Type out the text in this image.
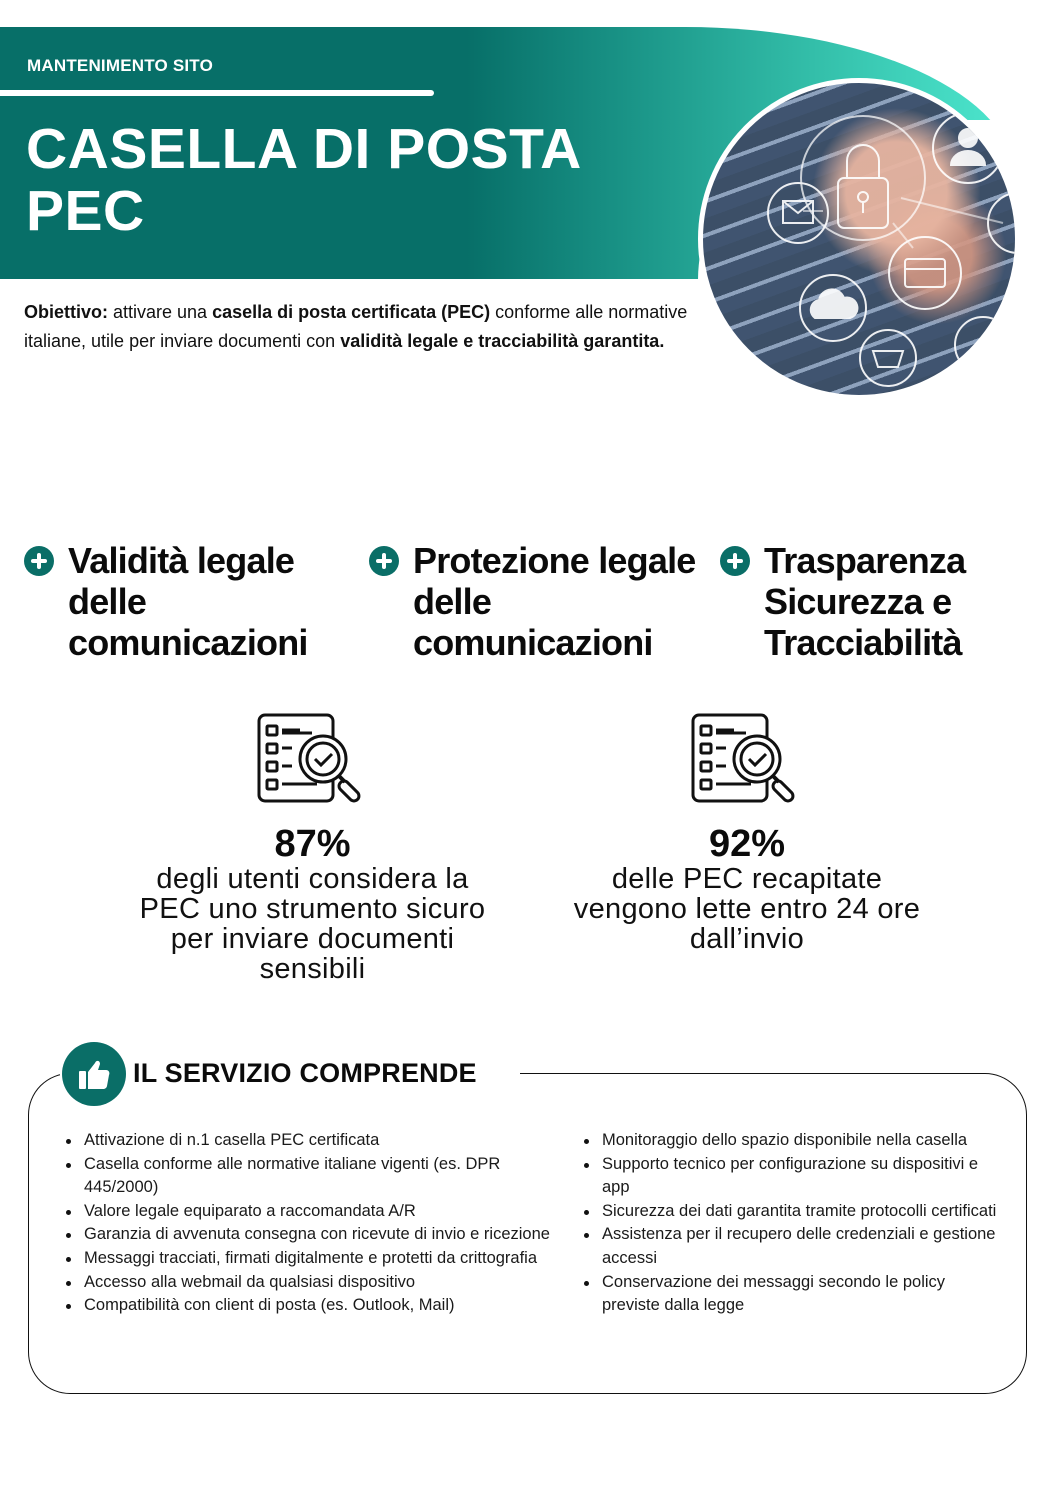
MANTENIMENTO SITO
CASELLA DI POSTA PEC

Obiettivo: attivare una casella di posta certificata (PEC) conforme alle normative italiane, utile per inviare documenti con validità legale e tracciabilità garantita.

Validità legale delle comunicazioni
Protezione legale delle comunicazioni
Trasparenza Sicurezza e Tracciabilità
87%
degli utenti considera la PEC uno strumento sicuro per inviare documenti sensibili
92%
delle PEC recapitate vengono lette entro 24 ore dall’invio
IL SERVIZIO COMPRENDE
Attivazione di n.1 casella PEC certificata
Casella conforme alle normative italiane vigenti (es. DPR 445/2000)
Valore legale equiparato a raccomandata A/R
Garanzia di avvenuta consegna con ricevute di invio e ricezione
Messaggi tracciati, firmati digitalmente e protetti da crittografia
Accesso alla webmail da qualsiasi dispositivo
Compatibilità con client di posta (es. Outlook, Mail)
Monitoraggio dello spazio disponibile nella casella
Supporto tecnico per configurazione su dispositivi e app
Sicurezza dei dati garantita tramite protocolli certificati
Assistenza per il recupero delle credenziali e gestione accessi
Conservazione dei messaggi secondo le policy previste dalla legge
